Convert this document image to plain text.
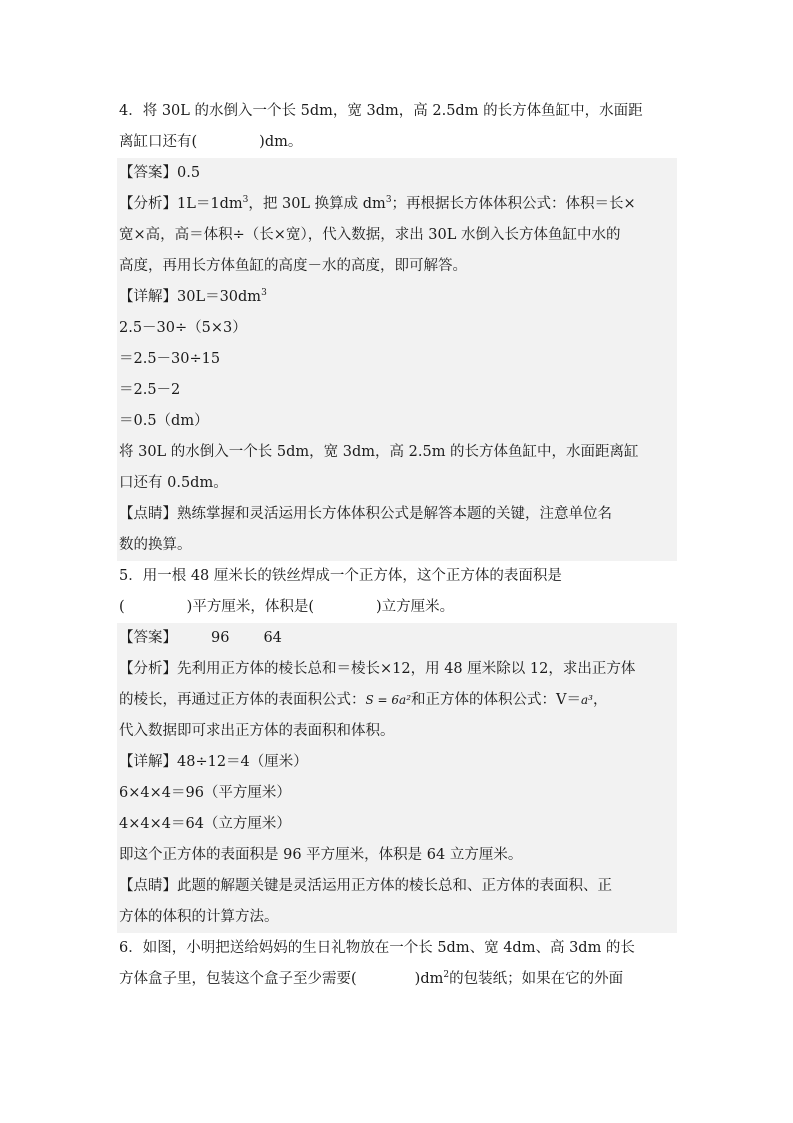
4．将 30L 的水倒入一个长 5dm，宽 3dm，高 2.5dm 的长方体鱼缸中，水面距
离缸口还有(	)dm。
【答案】0.5
【分析】$1L=1dm^3$，把 30L 换算成 $dm^3$；再根据长方体体积公式：体积＝长×
宽×高，高＝体积÷（长×宽），代入数据，求出 30L 水倒入长方体鱼缸中水的
高度，再用长方体鱼缸的高度－水的高度，即可解答。
【详解】$30L=30dm^3$
2.5－30÷（5×3）
＝2.5－30÷15
＝2.5－2
＝0.5（dm）
将 30L 的水倒入一个长 5dm，宽 3dm，高 2.5m 的长方体鱼缸中，水面距离缸
口还有 0.5dm。
【点睛】熟练掌握和灵活运用长方体体积公式是解答本题的关键，注意单位名
数的换算。
5．用一根 48 厘米长的铁丝焊成一个正方体，这个正方体的表面积是
(	)平方厘米，体积是(	)立方厘米。
【答案】 96 64
【分析】先利用正方体的棱长总和＝棱长×12，用 48 厘米除以 12，求出正方体
的棱长，再通过正方体的表面积公式：S = 6a²和正方体的体积公式：V＝a³，
代入数据即可求出正方体的表面积和体积。
【详解】48÷12＝4（厘米）
6×4×4＝96（平方厘米）
4×4×4＝64（立方厘米）
即这个正方体的表面积是 96 平方厘米，体积是 64 立方厘米。
【点睛】此题的解题关键是灵活运用正方体的棱长总和、正方体的表面积、正
方体的体积的计算方法。
6．如图，小明把送给妈妈的生日礼物放在一个长 5dm、宽 4dm、高 3dm 的长
方体盒子里，包装这个盒子至少需要(	)$dm^2$的包装纸；如果在它的外面
